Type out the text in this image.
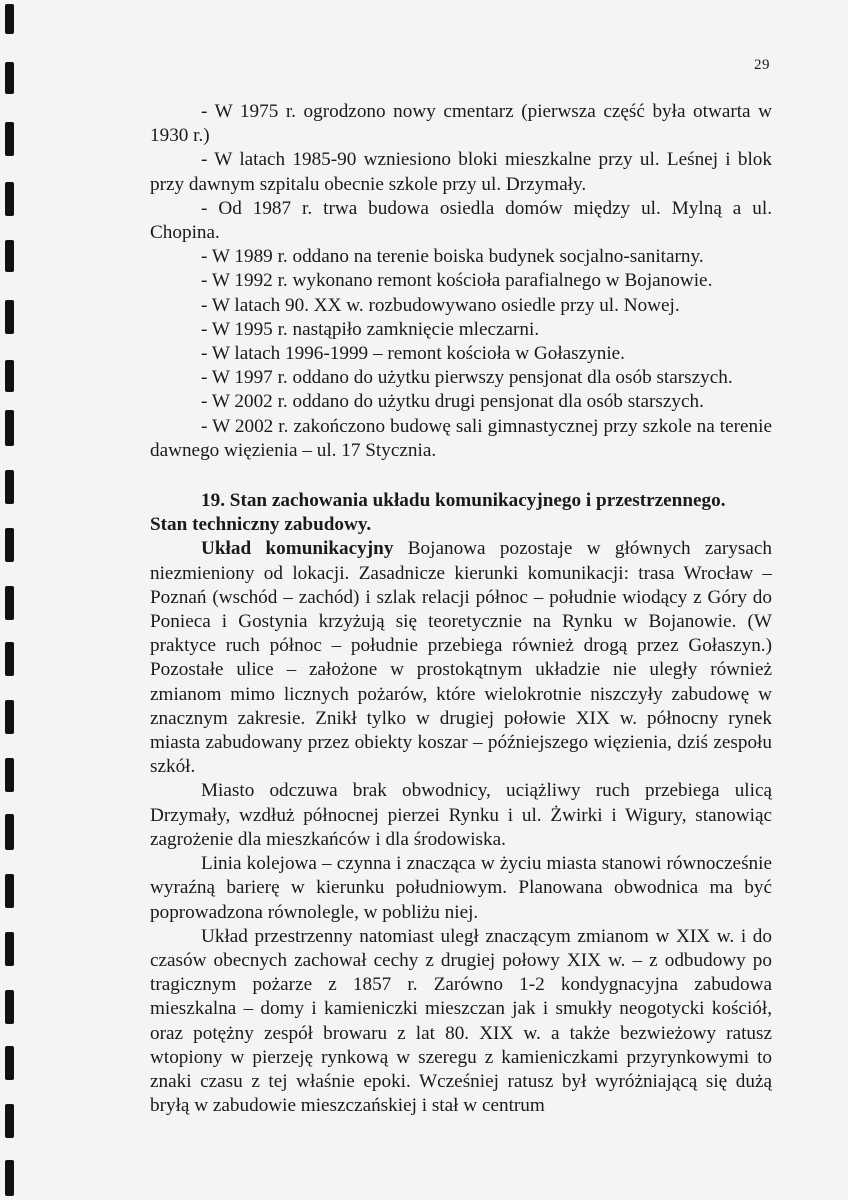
29

- W 1975 r. ogrodzono nowy cmentarz (pierwsza część była otwarta w 1930 r.)

- W latach 1985-90 wzniesiono bloki mieszkalne przy ul. Leśnej i blok przy dawnym szpitalu obecnie szkole przy ul. Drzymały.

- Od 1987 r. trwa budowa osiedla domów między ul. Mylną a ul. Chopina.

- W 1989 r. oddano na terenie boiska budynek socjalno-sanitarny.

- W 1992 r. wykonano remont kościoła parafialnego w Bojanowie.

- W latach 90. XX w. rozbudowywano osiedle przy ul. Nowej.

- W 1995 r. nastąpiło zamknięcie mleczarni.

- W latach 1996-1999 – remont kościoła w Gołaszynie.

- W 1997 r. oddano do użytku pierwszy pensjonat dla osób starszych.

- W 2002 r. oddano do użytku drugi pensjonat dla osób starszych.

- W 2002 r. zakończono budowę sali gimnastycznej przy szkole na terenie dawnego więzienia – ul. 17 Stycznia.

19. Stan zachowania układu komunikacyjnego i przestrzennego.
Stan techniczny zabudowy.

Układ komunikacyjny Bojanowa pozostaje w głównych zarysach niezmieniony od lokacji. Zasadnicze kierunki komunikacji: trasa Wrocław – Poznań (wschód – zachód) i szlak relacji północ – południe wiodący z Góry do Ponieca i Gostynia krzyżują się teoretycznie na Rynku w Bojanowie. (W praktyce ruch północ – południe przebiega również drogą przez Gołaszyn.) Pozostałe ulice – założone w prostokątnym układzie nie uległy również zmianom mimo licznych pożarów, które wielokrotnie niszczyły zabudowę w znacznym zakresie. Znikł tylko w drugiej połowie XIX w. północny rynek miasta zabudowany przez obiekty koszar – późniejszego więzienia, dziś zespołu szkół.

Miasto odczuwa brak obwodnicy, uciążliwy ruch przebiega ulicą Drzymały, wzdłuż północnej pierzei Rynku i ul. Żwirki i Wigury, stanowiąc zagrożenie dla mieszkańców i dla środowiska.

Linia kolejowa – czynna i znacząca w życiu miasta stanowi równocześnie wyraźną barierę w kierunku południowym. Planowana obwodnica ma być poprowadzona równolegle, w pobliżu niej.

Układ przestrzenny natomiast uległ znaczącym zmianom w XIX w. i do czasów obecnych zachował cechy z drugiej połowy XIX w. – z odbudowy po tragicznym pożarze z 1857 r. Zarówno 1-2 kondygnacyjna zabudowa mieszkalna – domy i kamieniczki mieszczan jak i smukły neogotycki kościół, oraz potężny zespół browaru z lat 80. XIX w. a także bezwieżowy ratusz wtopiony w pierzeję rynkową w szeregu z kamieniczkami przyrynkowymi to znaki czasu z tej właśnie epoki. Wcześniej ratusz był wyróżniającą się dużą bryłą w zabudowie mieszczańskiej i stał w centrum
